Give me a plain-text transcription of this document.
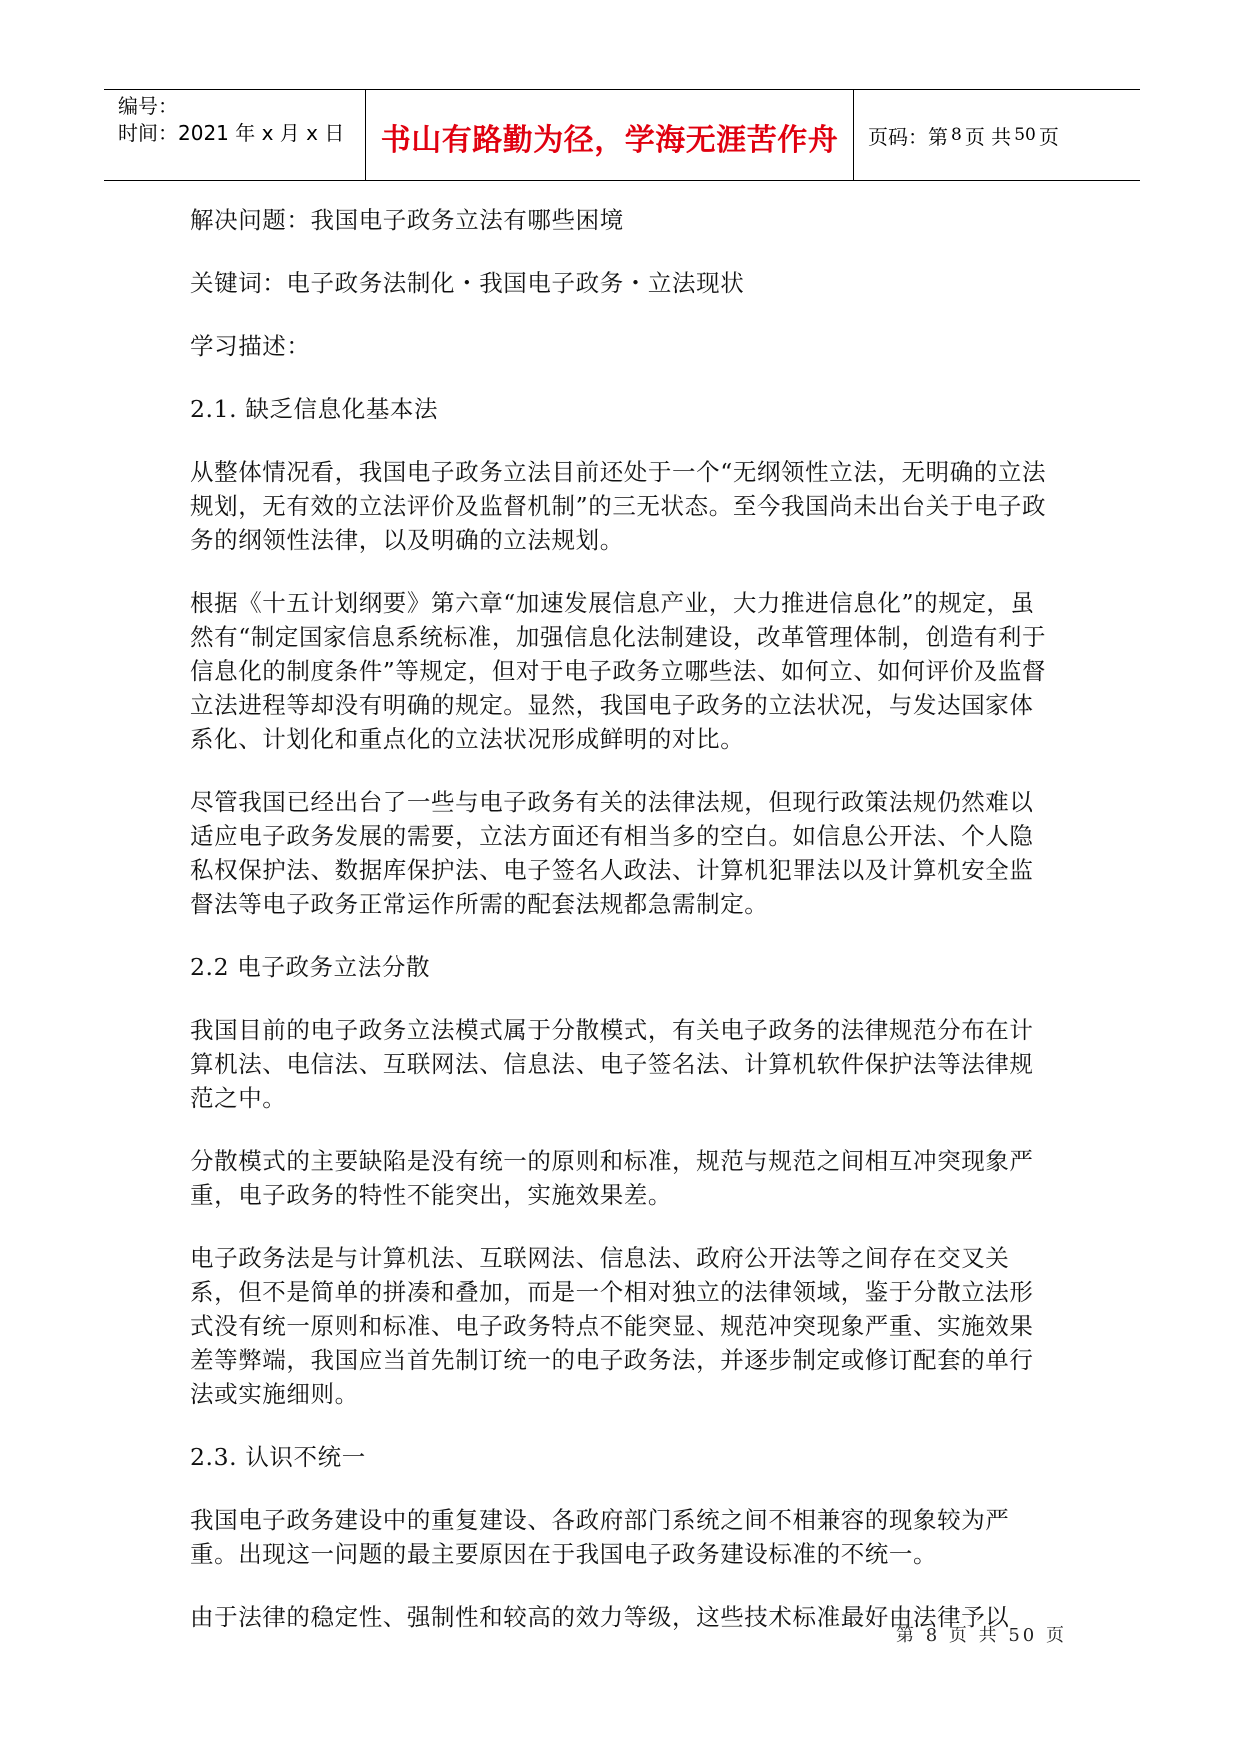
编号：
时间：2021 年 x 月 x 日	书山有路勤为径，学海无涯苦作舟 页码：第 8 页 共 50 页

解决问题：我国电子政务立法有哪些困境

关键词：电子政务法制化・我国电子政务・立法现状

学习描述：

2.1. 缺乏信息化基本法

从整体情况看，我国电子政务立法目前还处于一个“无纲领性立法，无明确的立法规划，无有效的立法评价及监督机制”的三无状态。至今我国尚未出台关于电子政务的纲领性法律，以及明确的立法规划。

根据《十五计划纲要》第六章“加速发展信息产业，大力推进信息化”的规定，虽然有“制定国家信息系统标准，加强信息化法制建设，改革管理体制，创造有利于信息化的制度条件”等规定，但对于电子政务立哪些法、如何立、如何评价及监督立法进程等却没有明确的规定。显然，我国电子政务的立法状况，与发达国家体系化、计划化和重点化的立法状况形成鲜明的对比。

尽管我国已经出台了一些与电子政务有关的法律法规，但现行政策法规仍然难以适应电子政务发展的需要，立法方面还有相当多的空白。如信息公开法、个人隐私权保护法、数据库保护法、电子签名人政法、计算机犯罪法以及计算机安全监督法等电子政务正常运作所需的配套法规都急需制定。

2.2 电子政务立法分散

我国目前的电子政务立法模式属于分散模式，有关电子政务的法律规范分布在计算机法、电信法、互联网法、信息法、电子签名法、计算机软件保护法等法律规范之中。

分散模式的主要缺陷是没有统一的原则和标准，规范与规范之间相互冲突现象严重，电子政务的特性不能突出，实施效果差。

电子政务法是与计算机法、互联网法、信息法、政府公开法等之间存在交叉关系，但不是简单的拼凑和叠加，而是一个相对独立的法律领域，鉴于分散立法形式没有统一原则和标准、电子政务特点不能突显、规范冲突现象严重、实施效果差等弊端，我国应当首先制订统一的电子政务法，并逐步制定或修订配套的单行法或实施细则。

2.3. 认识不统一

我国电子政务建设中的重复建设、各政府部门系统之间不相兼容的现象较为严重。出现这一问题的最主要原因在于我国电子政务建设标准的不统一。

由于法律的稳定性、强制性和较高的效力等级，这些技术标准最好由法律予以

第 8 页 共 50 页
